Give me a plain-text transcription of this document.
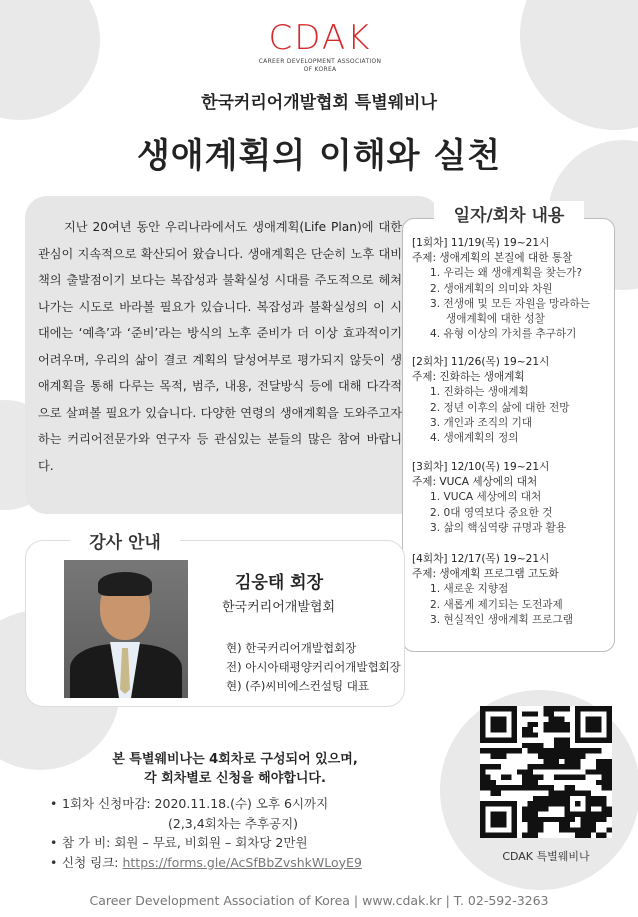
CDAK
CAREER DEVELOPMENT ASSOCIATION
OF KOREA
한국커리어개발협회 특별웨비나
생애계획의 이해와 실천
지난 20여년 동안 우리나라에서도 생애계획(Life Plan)에 대한 관심이 지속적으로 확산되어 왔습니다. 생애계획은 단순히 노후 대비책의 출발점이기 보다는 복잡성과 불확실성 시대를 주도적으로 헤쳐나가는 시도로 바라볼 필요가 있습니다. 복잡성과 불확실성의 이 시대에는 ‘예측’과 ‘준비’라는 방식의 노후 준비가 더 이상 효과적이기 어려우며, 우리의 삶이 결코 계획의 달성여부로 평가되지 않듯이 생애계획을 통해 다루는 목적, 범주, 내용, 전달방식 등에 대해 다각적으로 살펴볼 필요가 있습니다. 다양한 연령의 생애계획을 도와주고자 하는 커리어전문가와 연구자 등 관심있는 분들의 많은 참여 바랍니다.
일자/회차 내용
[1회차] 11/19(목) 19~21시
주제: 생애계획의 본질에 대한 통찰
1. 우리는 왜 생애계획을 찾는가?
2. 생애계획의 의미와 차원
3. 전생애 및 모든 자원을 망라하는
생애계획에 대한 성찰
4. 유형 이상의 가치를 추구하기
[2회차] 11/26(목) 19~21시
주제: 진화하는 생애계획
1. 진화하는 생애계획
2. 정년 이후의 삶에 대한 전망
3. 개인과 조직의 기대
4. 생애계획의 정의
[3회차] 12/10(목) 19~21시
주제: VUCA 세상에의 대처
1. VUCA 세상에의 대처
2. 0대 영역보다 중요한 것
3. 삶의 핵심역량 규명과 활용
[4회차] 12/17(목) 19~21시
주제: 생애계획 프로그램 고도화
1. 새로운 지향점
2. 새롭게 제기되는 도전과제
3. 현실적인 생애계획 프로그램
강사 안내
김웅태 회장
한국커리어개발협회
현) 한국커리어개발협회장
전) 아시아태평양커리어개발협회장
현) (주)씨비에스컨설팅 대표
본 특별웨비나는 4회차로 구성되어 있으며,
각 회차별로 신청을 해야합니다.
• 1회차 신청마감: 2020.11.18.(수) 오후 6시까지
(2,3,4회차는 추후공지)
• 참 가 비: 회원 – 무료, 비회원 – 회차당 2만원
• 신청 링크: https://forms.gle/AcSfBbZvshkWLoyE9	CDAK 특별웨비나
Career Development Association of Korea | www.cdak.kr | T. 02-592-3263
